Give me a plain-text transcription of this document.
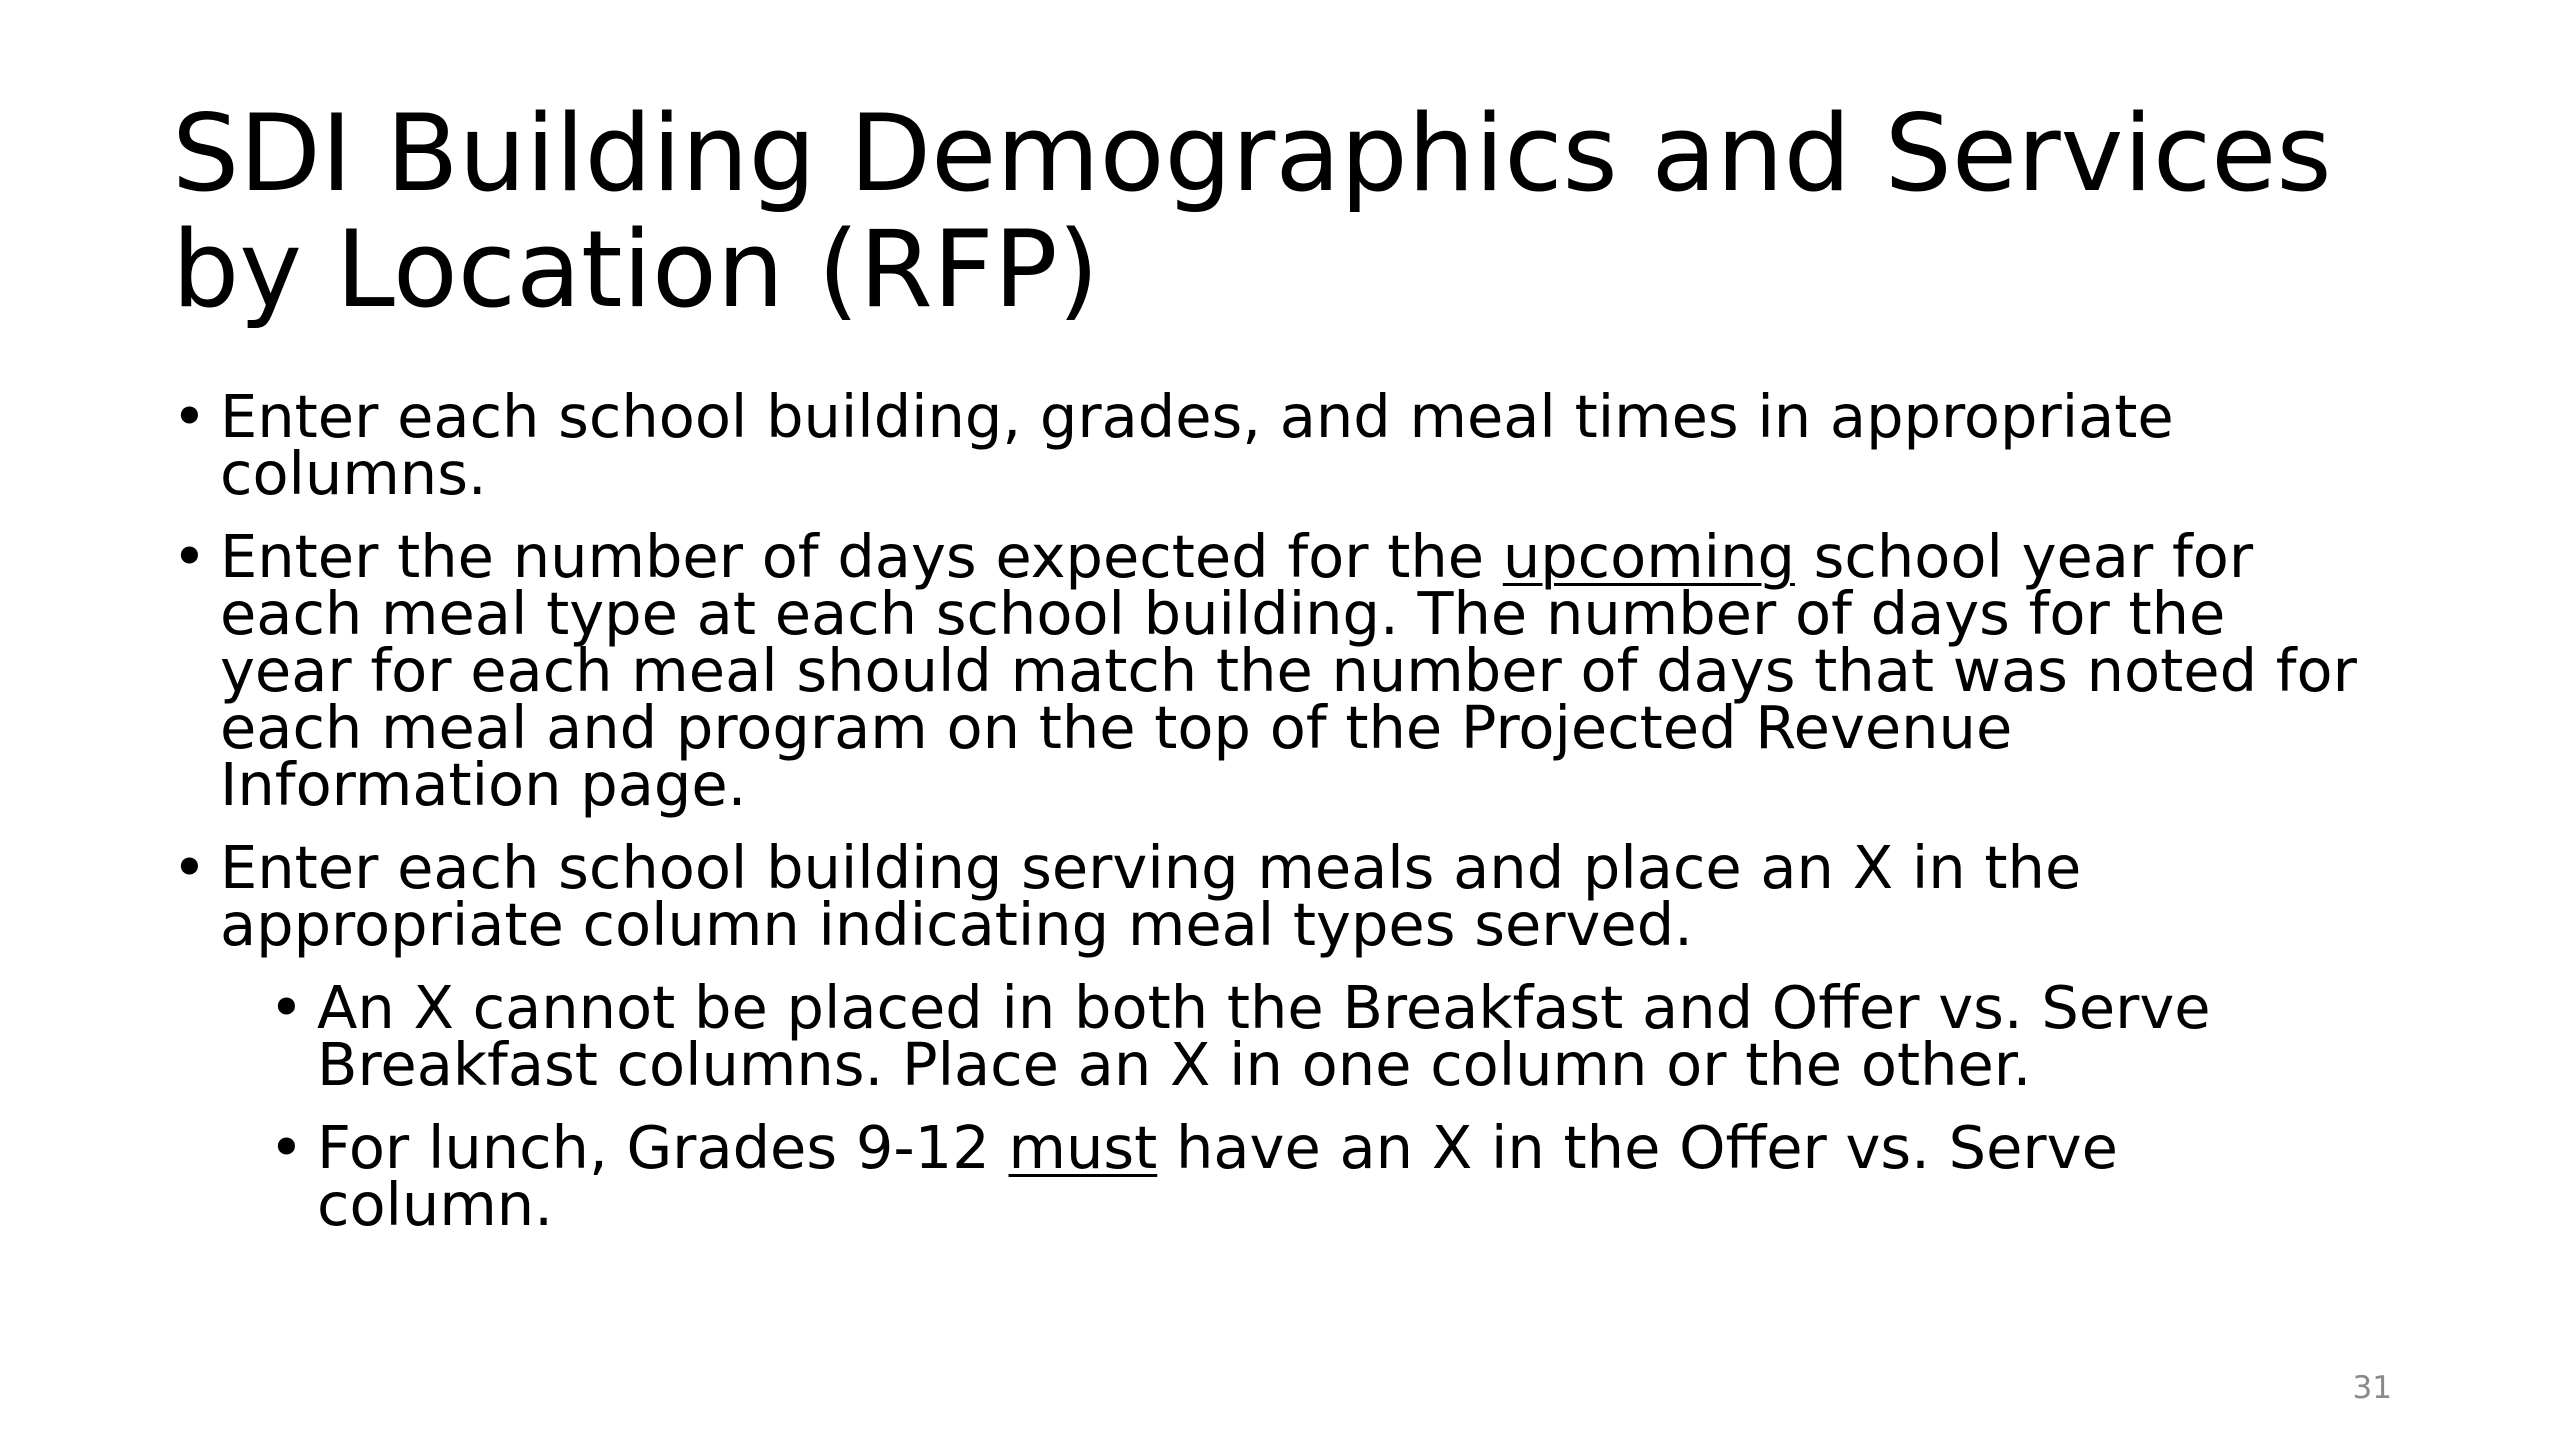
SDI Building Demographics and Services
by Location (RFP)
• Enter each school building, grades, and meal times in appropriate
columns.
• Enter the number of days expected for the upcoming school year for
each meal type at each school building. The number of days for the
year for each meal should match the number of days that was noted for
each meal and program on the top of the Projected Revenue
Information page.
• Enter each school building serving meals and place an X in the
appropriate column indicating meal types served.
• An X cannot be placed in both the Breakfast and Offer vs. Serve
Breakfast columns. Place an X in one column or the other.
• For lunch, Grades 9-12 must have an X in the Offer vs. Serve
column.
31
